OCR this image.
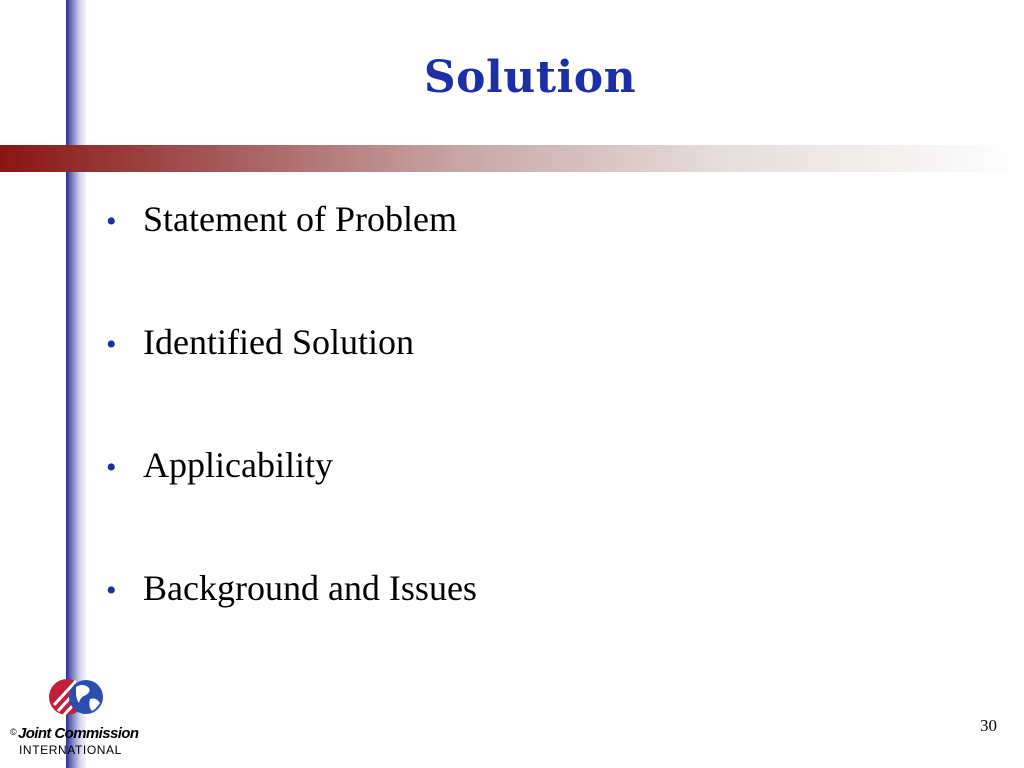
Solution
• Statement of Problem
• Identified Solution
• Applicability
• Background and Issues
© Joint Commission
INTERNATIONAL
30
